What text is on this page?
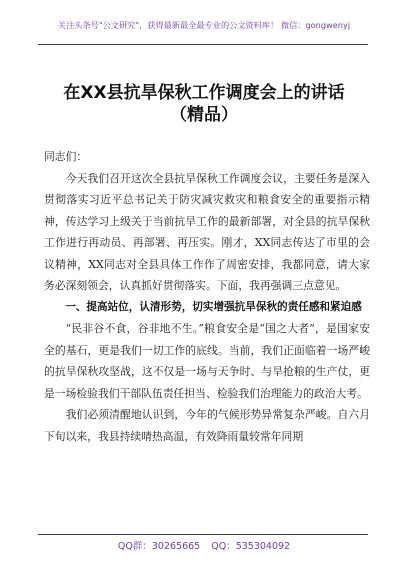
关注头条号"公文研究"，获得最新最全最专业的公文资料库！ 微信：gongwenyj
在XX县抗旱保秋工作调度会上的讲话
（精品）

同志们：

今天我们召开这次全县抗旱保秋工作调度会议，主要任务是深入贯彻落实习近平总书记关于防灾减灾救灾和粮食安全的重要指示精神，传达学习上级关于当前抗旱工作的最新部署，对全县的抗旱保秋工作进行再动员、再部署、再压实。刚才，XX同志传达了市里的会议精神，XX同志对全县具体工作作了周密安排，我都同意，请大家务必深刻领会，认真抓好贯彻落实。下面，我再强调三点意见。

一、提高站位，认清形势，切实增强抗旱保秋的责任感和紧迫感

“民非谷不食，谷非地不生。”粮食安全是“国之大者”，是国家安全的基石，更是我们一切工作的底线。当前，我们正面临着一场严峻的抗旱保秋攻坚战，这不仅是一场与天争时、与旱抢粮的生产仗，更是一场检验我们干部队伍责任担当、检验我们治理能力的政治大考。

我们必须清醒地认识到，今年的气候形势异常复杂严峻。自六月下旬以来，我县持续晴热高温，有效降雨量较常年同期

QQ群：30265665 QQ：535304092
